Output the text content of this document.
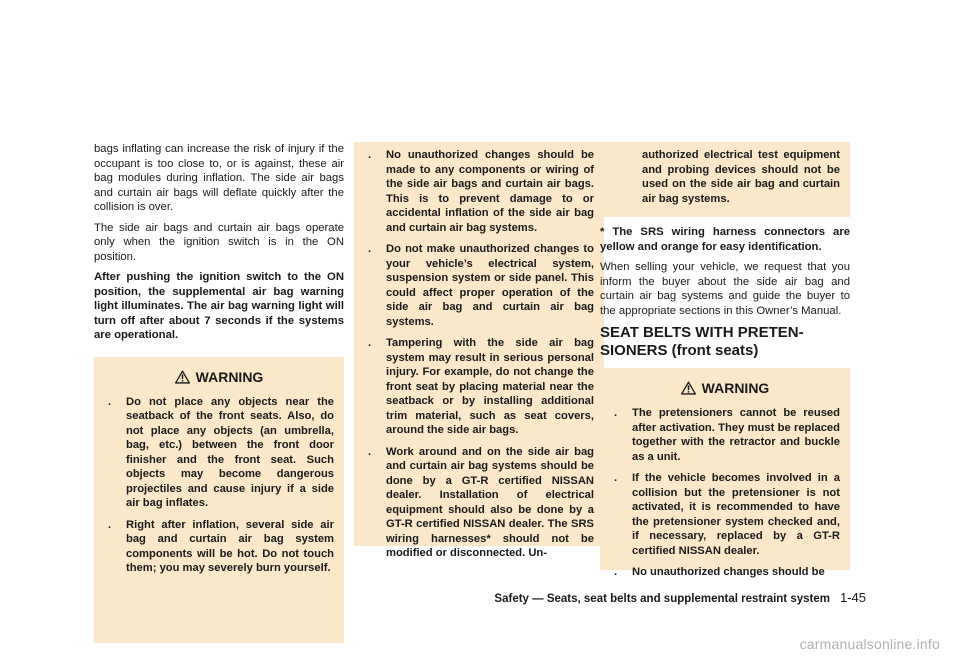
bags inflating can increase the risk of injury if the occupant is too close to, or is against, these air bag modules during inflation. The side air bags and curtain air bags will deflate quickly after the collision is over.

The side air bags and curtain air bags operate only when the ignition switch is in the ON position.

After pushing the ignition switch to the ON position, the supplemental air bag warning light illuminates. The air bag warning light will turn off after about 7 seconds if the systems are operational.

WARNING
. Do not place any objects near the seatback of the front seats. Also, do not place any objects (an umbrella, bag, etc.) between the front door finisher and the front seat. Such objects may become dangerous projectiles and cause injury if a side air bag inflates.
. Right after inflation, several side air bag and curtain air bag system components will be hot. Do not touch them; you may severely burn yourself.
. No unauthorized changes should be made to any components or wiring of the side air bags and curtain air bags. This is to prevent damage to or accidental inflation of the side air bag and curtain air bag systems.
. Do not make unauthorized changes to your vehicle’s electrical system, suspension system or side panel. This could affect proper operation of the side air bag and curtain air bag systems.
. Tampering with the side air bag system may result in serious personal injury. For example, do not change the front seat by placing material near the seatback or by installing additional trim material, such as seat covers, around the side air bags.
. Work around and on the side air bag and curtain air bag systems should be done by a GT-R certified NISSAN dealer. Installation of electrical equipment should also be done by a GT-R certified NISSAN dealer. The SRS wiring harnesses* should not be modified or disconnected. Un-
authorized electrical test equipment and probing devices should not be used on the side air bag and curtain air bag systems.

* The SRS wiring harness connectors are yellow and orange for easy identification.

When selling your vehicle, we request that you inform the buyer about the side air bag and curtain air bag systems and guide the buyer to the appropriate sections in this Owner’s Manual.

SEAT BELTS WITH PRETEN-SIONERS (front seats)
WARNING
. The pretensioners cannot be reused after activation. They must be replaced together with the retractor and buckle as a unit.
. If the vehicle becomes involved in a collision but the pretensioner is not activated, it is recommended to have the pretensioner system checked and, if necessary, replaced by a GT-R certified NISSAN dealer.
. No unauthorized changes should be
Safety — Seats, seat belts and supplemental restraint system 1-45
carmanualsonline.info
